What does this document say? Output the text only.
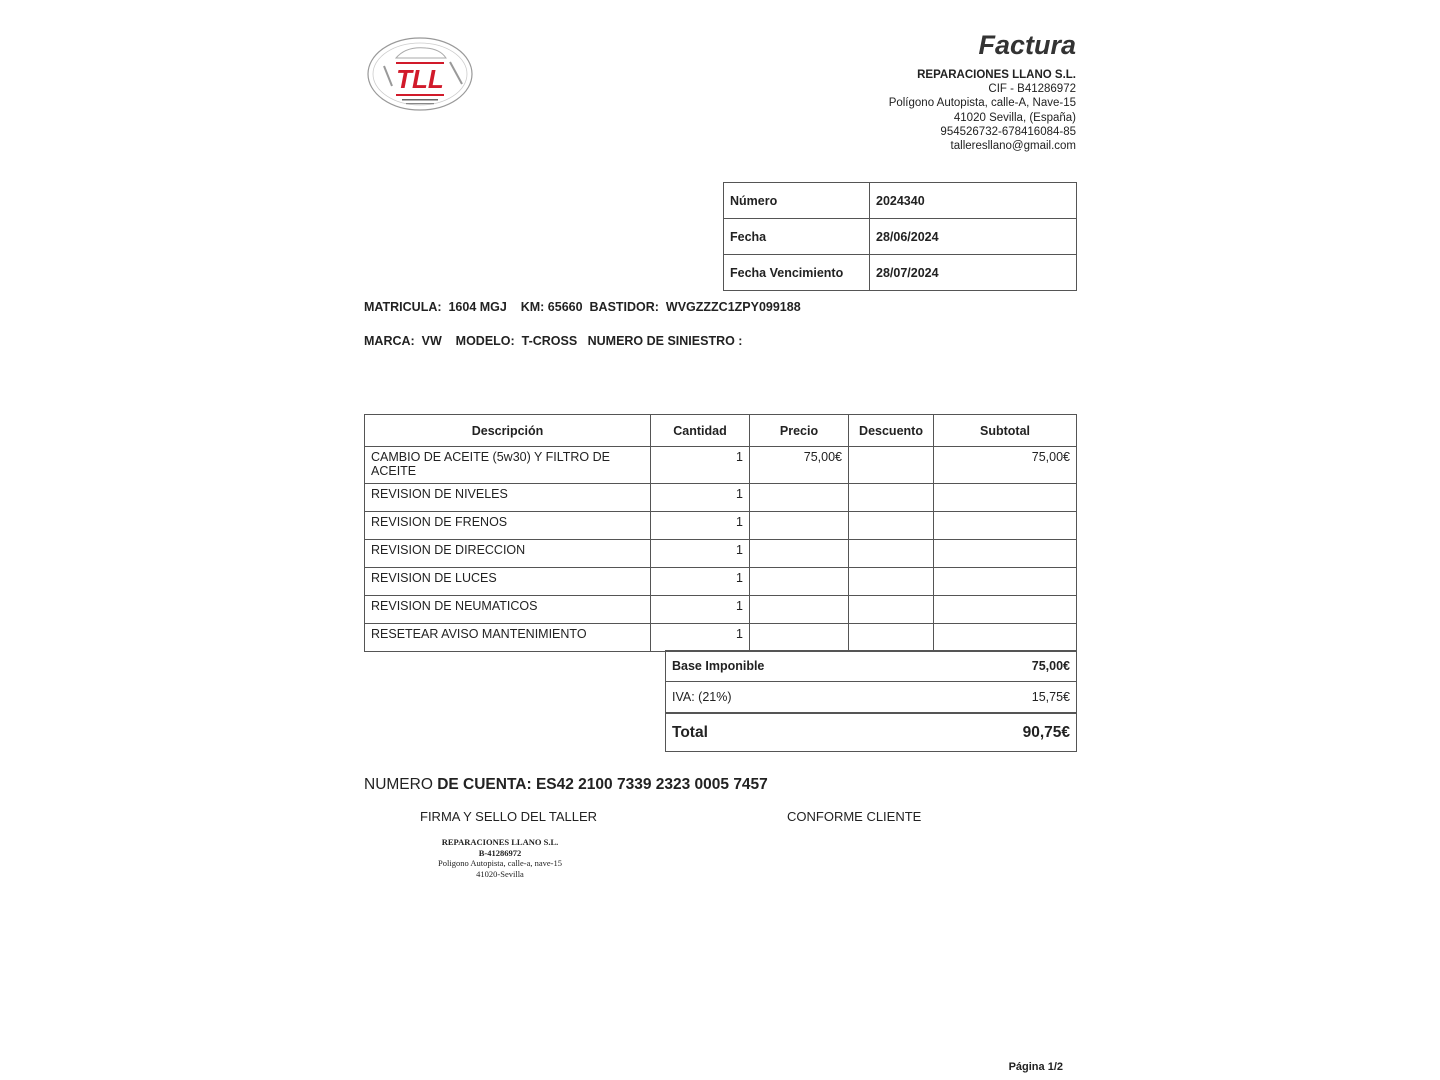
TLL
Factura
REPARACIONES LLANO S.L.
CIF - B41286972
Polígono Autopista, calle-A, Nave-15
41020 Sevilla, (España)
954526732-678416084-85
talleresllano@gmail.com
Número	2024340
Fecha	28/06/2024
Fecha Vencimiento	28/07/2024
MATRICULA:  1604 MGJ    KM: 65660  BASTIDOR:  WVGZZZC1ZPY099188
MARCA:  VW    MODELO:  T-CROSS   NUMERO DE SINIESTRO :
Descripción	Cantidad	Precio	Descuento	Subtotal
CAMBIO DE ACEITE (5w30) Y FILTRO DE ACEITE	1	75,00€		75,00€
REVISION DE NIVELES	1			
REVISION DE FRENOS	1			
REVISION DE DIRECCION	1			
REVISION DE LUCES	1			
REVISION DE NEUMATICOS	1			
RESETEAR AVISO MANTENIMIENTO	1			
Base Imponible	75,00€
IVA: (21%)	15,75€
Total	90,75€
NUMERO DE CUENTA: ES42 2100 7339 2323 0005 7457
FIRMA Y SELLO DEL TALLER	CONFORME CLIENTE
REPARACIONES LLANO S.L.
B-41286972
Poligono Autopista, calle-a, nave-15
41020-Sevilla
Página 1/2
